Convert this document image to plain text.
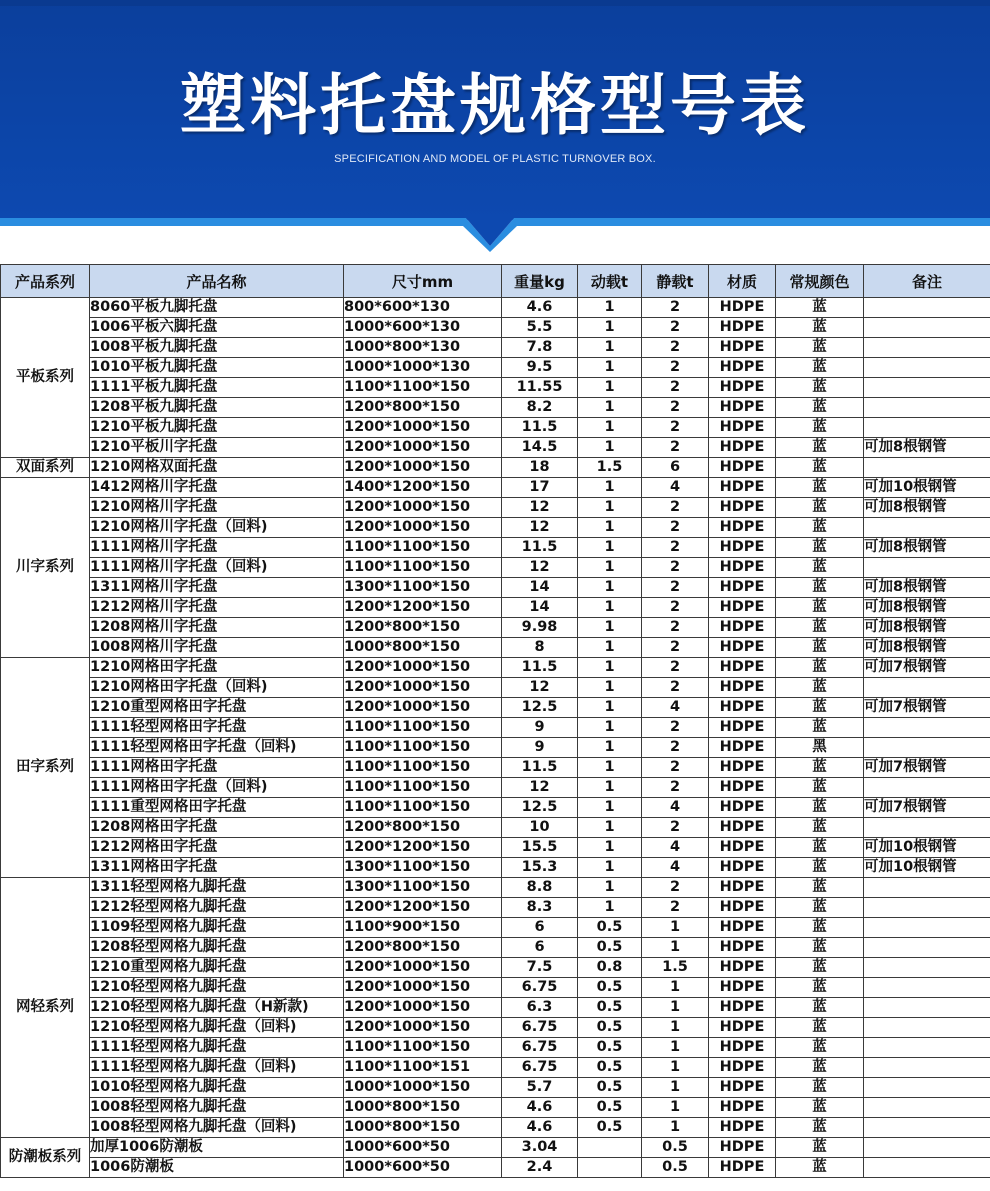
塑料托盘规格型号表
SPECIFICATION AND MODEL OF PLASTIC TURNOVER BOX.
产品系列	产品名称	尺寸mm	重量kg	动载t	静载t	材质	常规颜色	备注
平板系列	8060平板九脚托盘	800*600*130	4.6	1	2	HDPE	蓝	
	1006平板六脚托盘	1000*600*130	5.5	1	2	HDPE	蓝	
	1008平板九脚托盘	1000*800*130	7.8	1	2	HDPE	蓝	
	1010平板九脚托盘	1000*1000*130	9.5	1	2	HDPE	蓝	
	1111平板九脚托盘	1100*1100*150	11.55	1	2	HDPE	蓝	
	1208平板九脚托盘	1200*800*150	8.2	1	2	HDPE	蓝	
	1210平板九脚托盘	1200*1000*150	11.5	1	2	HDPE	蓝	
	1210平板川字托盘	1200*1000*150	14.5	1	2	HDPE	蓝	可加8根钢管
双面系列	1210网格双面托盘	1200*1000*150	18	1.5	6	HDPE	蓝	
川字系列	1412网格川字托盘	1400*1200*150	17	1	4	HDPE	蓝	可加10根钢管
	1210网格川字托盘	1200*1000*150	12	1	2	HDPE	蓝	可加8根钢管
	1210网格川字托盘（回料)	1200*1000*150	12	1	2	HDPE	蓝	
	1111网格川字托盘	1100*1100*150	11.5	1	2	HDPE	蓝	可加8根钢管
	1111网格川字托盘（回料)	1100*1100*150	12	1	2	HDPE	蓝	
	1311网格川字托盘	1300*1100*150	14	1	2	HDPE	蓝	可加8根钢管
	1212网格川字托盘	1200*1200*150	14	1	2	HDPE	蓝	可加8根钢管
	1208网格川字托盘	1200*800*150	9.98	1	2	HDPE	蓝	可加8根钢管
	1008网格川字托盘	1000*800*150	8	1	2	HDPE	蓝	可加8根钢管
田字系列	1210网格田字托盘	1200*1000*150	11.5	1	2	HDPE	蓝	可加7根钢管
	1210网格田字托盘（回料)	1200*1000*150	12	1	2	HDPE	蓝	
	1210重型网格田字托盘	1200*1000*150	12.5	1	4	HDPE	蓝	可加7根钢管
	1111轻型网格田字托盘	1100*1100*150	9	1	2	HDPE	蓝	
	1111轻型网格田字托盘（回料)	1100*1100*150	9	1	2	HDPE	黑	
	1111网格田字托盘	1100*1100*150	11.5	1	2	HDPE	蓝	可加7根钢管
	1111网格田字托盘（回料)	1100*1100*150	12	1	2	HDPE	蓝	
	1111重型网格田字托盘	1100*1100*150	12.5	1	4	HDPE	蓝	可加7根钢管
	1208网格田字托盘	1200*800*150	10	1	2	HDPE	蓝	
	1212网格田字托盘	1200*1200*150	15.5	1	4	HDPE	蓝	可加10根钢管
	1311网格田字托盘	1300*1100*150	15.3	1	4	HDPE	蓝	可加10根钢管
网轻系列	1311轻型网格九脚托盘	1300*1100*150	8.8	1	2	HDPE	蓝	
	1212轻型网格九脚托盘	1200*1200*150	8.3	1	2	HDPE	蓝	
	1109轻型网格九脚托盘	1100*900*150	6	0.5	1	HDPE	蓝	
	1208轻型网格九脚托盘	1200*800*150	6	0.5	1	HDPE	蓝	
	1210重型网格九脚托盘	1200*1000*150	7.5	0.8	1.5	HDPE	蓝	
	1210轻型网格九脚托盘	1200*1000*150	6.75	0.5	1	HDPE	蓝	
	1210轻型网格九脚托盘（H新款)	1200*1000*150	6.3	0.5	1	HDPE	蓝	
	1210轻型网格九脚托盘（回料)	1200*1000*150	6.75	0.5	1	HDPE	蓝	
	1111轻型网格九脚托盘	1100*1100*150	6.75	0.5	1	HDPE	蓝	
	1111轻型网格九脚托盘（回料)	1100*1100*151	6.75	0.5	1	HDPE	蓝	
	1010轻型网格九脚托盘	1000*1000*150	5.7	0.5	1	HDPE	蓝	
	1008轻型网格九脚托盘	1000*800*150	4.6	0.5	1	HDPE	蓝	
	1008轻型网格九脚托盘（回料)	1000*800*150	4.6	0.5	1	HDPE	蓝	
防潮板系列	加厚1006防潮板	1000*600*50	3.04		0.5	HDPE	蓝	
	1006防潮板	1000*600*50	2.4		0.5	HDPE	蓝	
